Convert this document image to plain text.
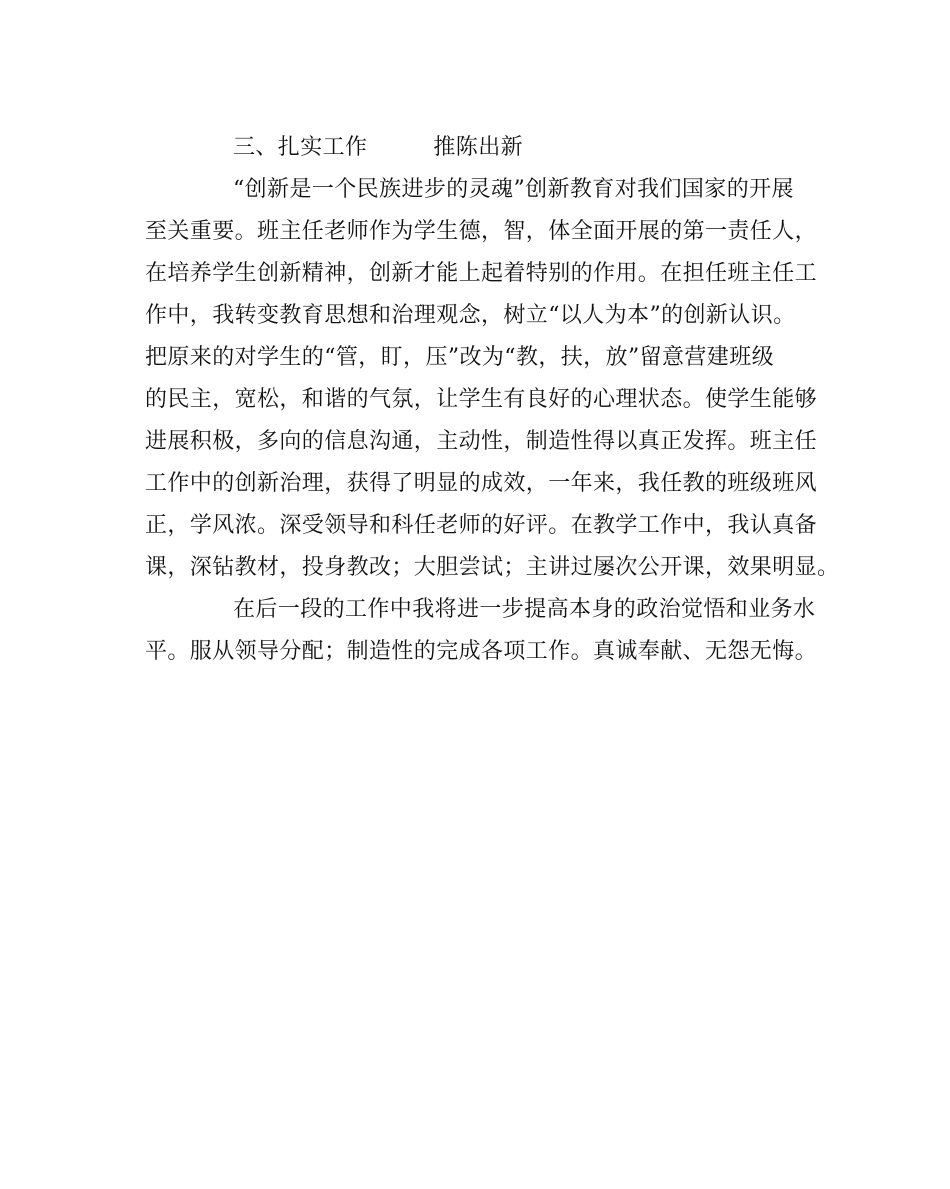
三、扎实工作	推陈出新
“创新是一个民族进步的灵魂”创新教育对我们国家的开展
至关重要。班主任老师作为学生德，智，体全面开展的第一责任人，
在培养学生创新精神，创新才能上起着特别的作用。在担任班主任工
作中，我转变教育思想和治理观念，树立“以人为本”的创新认识。
把原来的对学生的“管，盯，压”改为“教，扶，放”留意营建班级
的民主，宽松，和谐的气氛，让学生有良好的心理状态。使学生能够
进展积极，多向的信息沟通，主动性，制造性得以真正发挥。班主任
工作中的创新治理，获得了明显的成效，一年来，我任教的班级班风
正，学风浓。深受领导和科任老师的好评。在教学工作中，我认真备
课，深钻教材，投身教改；大胆尝试；主讲过屡次公开课，效果明显。
在后一段的工作中我将进一步提高本身的政治觉悟和业务水
平。服从领导分配；制造性的完成各项工作。真诚奉献、无怨无悔。
